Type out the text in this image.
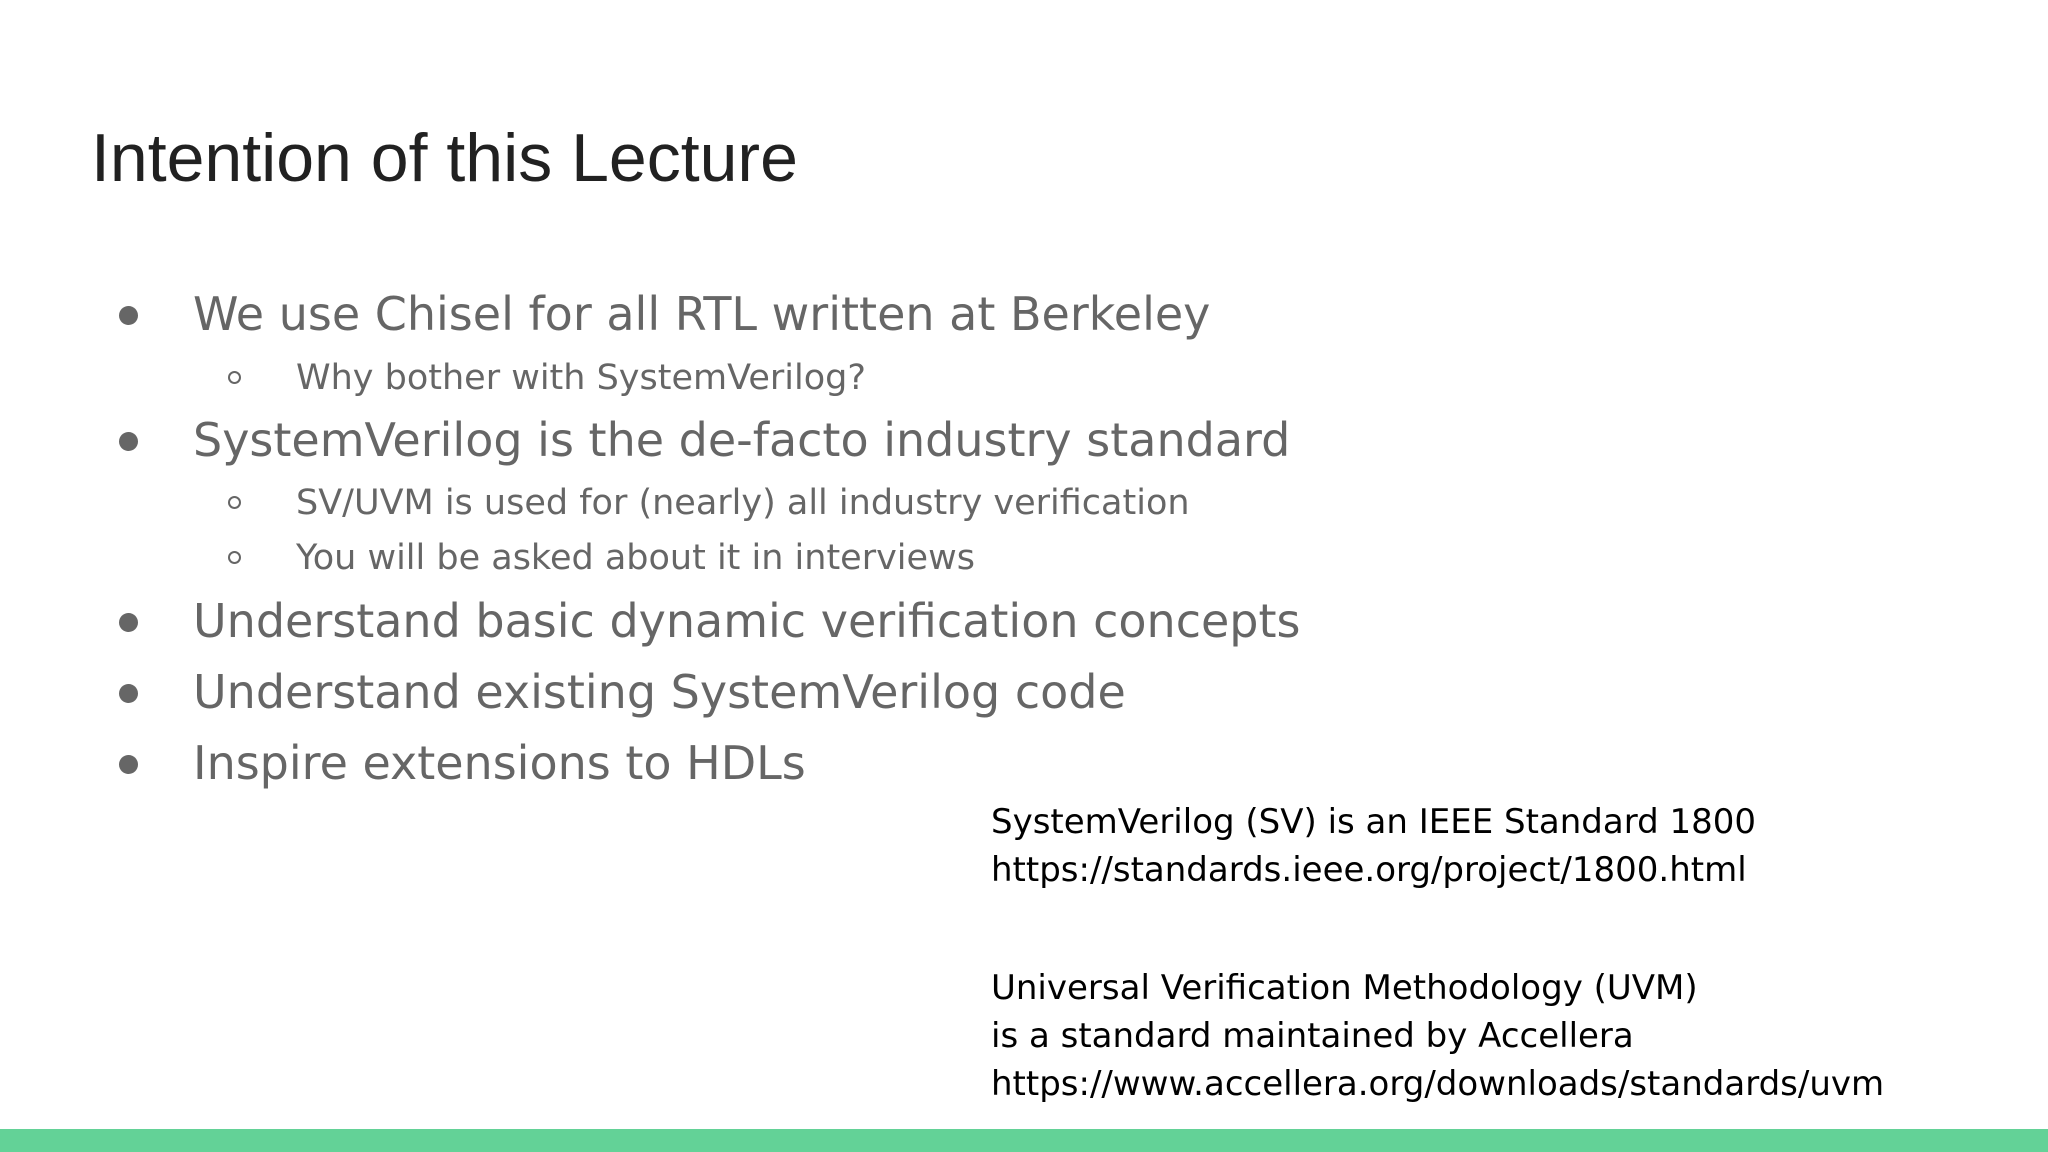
Intention of this Lecture
We use Chisel for all RTL written at Berkeley
Why bother with SystemVerilog?
SystemVerilog is the de-facto industry standard
SV/UVM is used for (nearly) all industry verification
You will be asked about it in interviews
Understand basic dynamic verification concepts
Understand existing SystemVerilog code
Inspire extensions to HDLs
SystemVerilog (SV) is an IEEE Standard 1800
https://standards.ieee.org/project/1800.html
Universal Verification Methodology (UVM)
is a standard maintained by Accellera
https://www.accellera.org/downloads/standards/uvm
